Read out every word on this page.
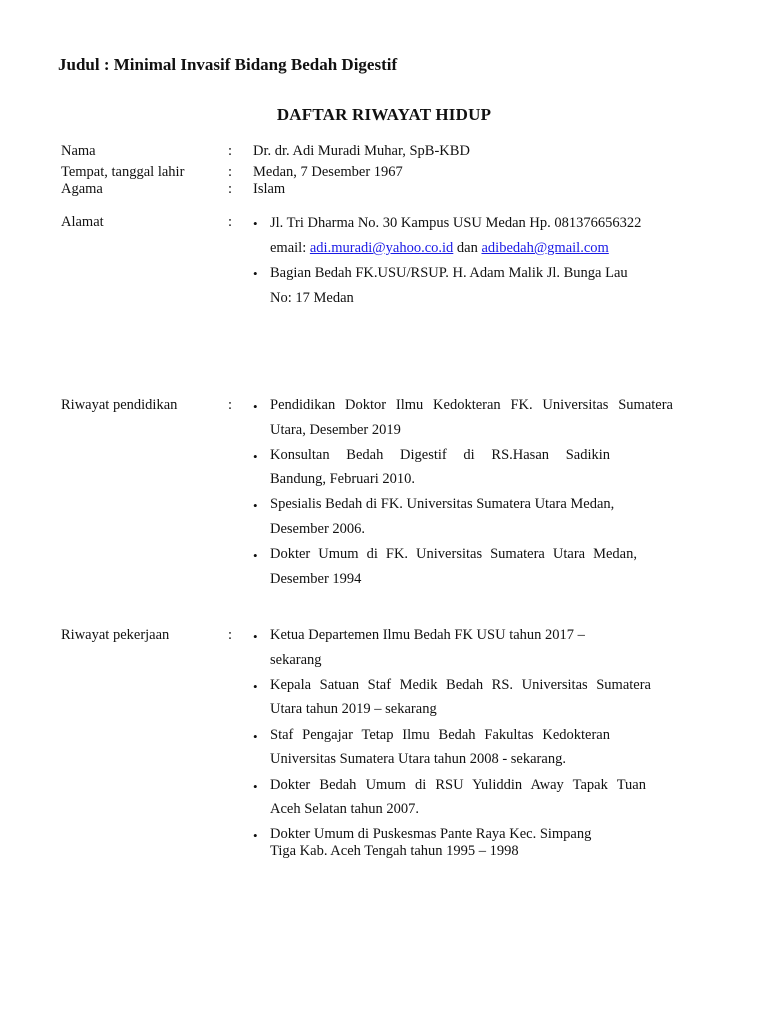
Judul : Minimal Invasif Bidang Bedah Digestif
DAFTAR RIWAYAT HIDUP
Nama	: Dr. dr. Adi Muradi Muhar, SpB-KBD
Tempat, tanggal lahir	: Medan, 7 Desember 1967
Agama	: Islam
Alamat	: • Jl. Tri Dharma No. 30 Kampus USU Medan Hp. 081376656322
email: adi.muradi@yahoo.co.id dan adibedah@gmail.com
• Bagian Bedah FK.USU/RSUP. H. Adam Malik Jl. Bunga Lau
No: 17 Medan
Riwayat pendidikan	: • Pendidikan Doktor Ilmu Kedokteran FK. Universitas Sumatera
Utara, Desember 2019
• Konsultan Bedah Digestif di RS.Hasan Sadikin
Bandung, Februari 2010.
• Spesialis Bedah di FK. Universitas Sumatera Utara Medan,
Desember 2006.
• Dokter Umum di FK. Universitas Sumatera Utara Medan,
Desember 1994
Riwayat pekerjaan	: • Ketua Departemen Ilmu Bedah FK USU tahun 2017 –
sekarang
• Kepala Satuan Staf Medik Bedah RS. Universitas Sumatera
Utara tahun 2019 – sekarang
• Staf Pengajar Tetap Ilmu Bedah Fakultas Kedokteran
Universitas Sumatera Utara tahun 2008 - sekarang.
• Dokter Bedah Umum di RSU Yuliddin Away Tapak Tuan
Aceh Selatan tahun 2007.
• Dokter Umum di Puskesmas Pante Raya Kec. Simpang
Tiga Kab. Aceh Tengah tahun 1995 – 1998
